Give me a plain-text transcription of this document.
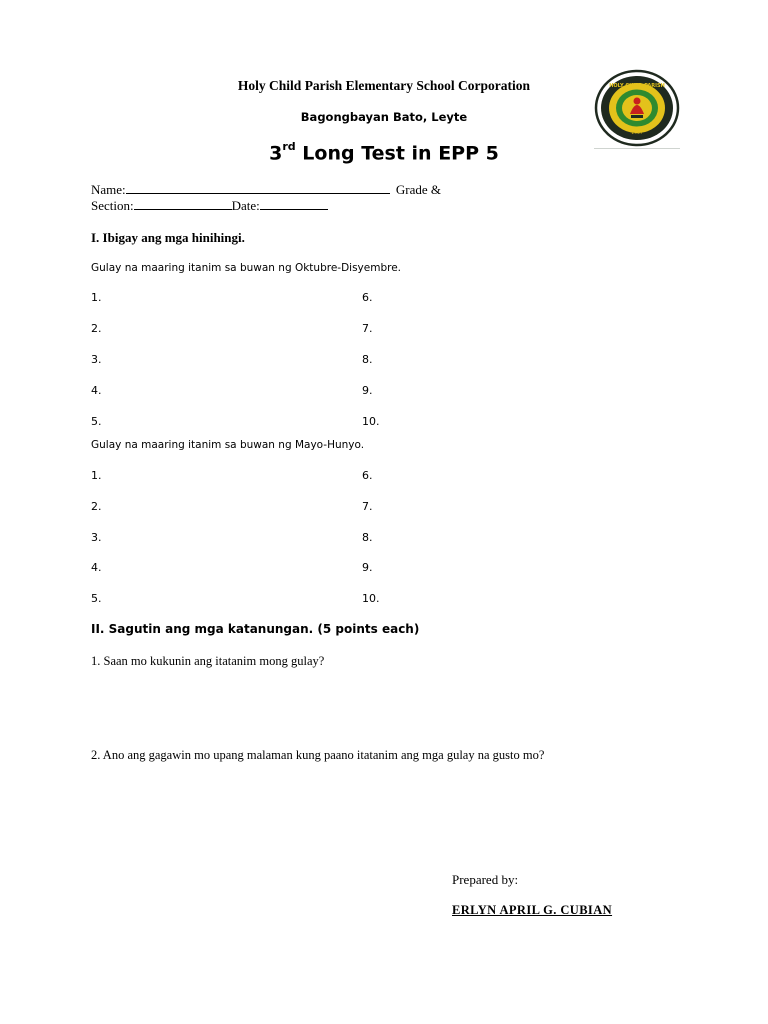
Holy Child Parish Elementary School Corporation
Bagongbayan Bato, Leyte
3rd Long Test in EPP 5
HOLY CHILD PARISH
1957
Name:	Grade &
Section:	Date:
I. Ibigay ang mga hinihingi.
Gulay na maaring itanim sa buwan ng Oktubre-Disyembre.
1.
2.
3.
4.
5.
6.
7.
8.
9.
10.
Gulay na maaring itanim sa buwan ng Mayo-Hunyo.
1.
2.
3.
4.
5.
6.
7.
8.
9.
10.
II. Sagutin ang mga katanungan. (5 points each)
1. Saan mo kukunin ang itatanim mong gulay?
2. Ano ang gagawin mo upang malaman kung paano itatanim ang mga gulay na gusto mo?
Prepared by:
ERLYN APRIL G. CUBIAN
